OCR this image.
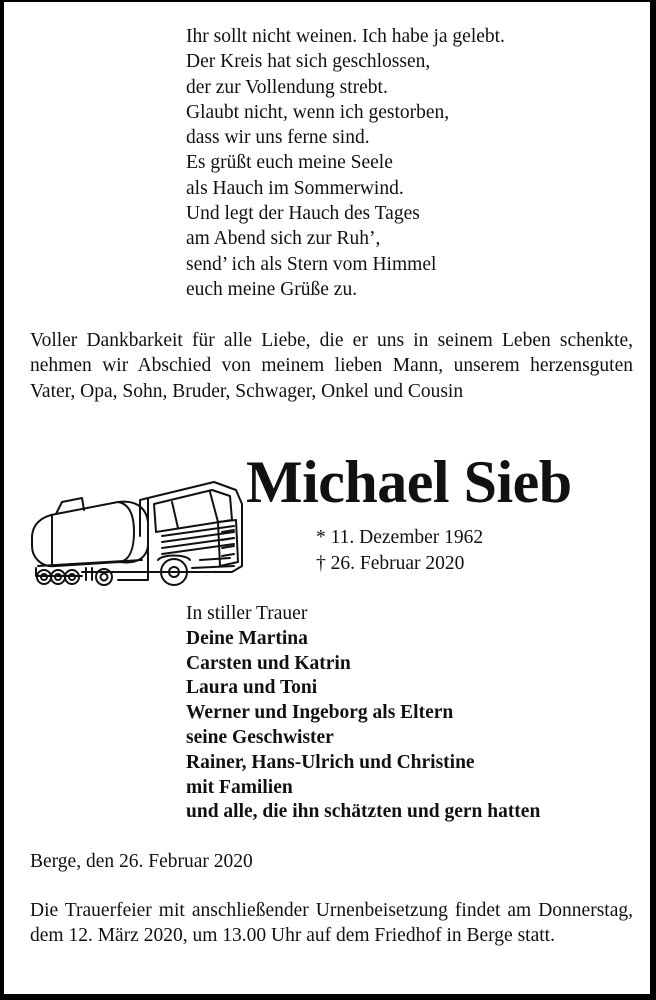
Ihr sollt nicht weinen. Ich habe ja gelebt.
Der Kreis hat sich geschlossen,
der zur Vollendung strebt.
Glaubt nicht, wenn ich gestorben,
dass wir uns ferne sind.
Es grüßt euch meine Seele
als Hauch im Sommerwind.
Und legt der Hauch des Tages
am Abend sich zur Ruh’,
send’ ich als Stern vom Himmel
euch meine Grüße zu.
Voller Dankbarkeit für alle Liebe, die er uns in seinem Leben schenkte, nehmen wir Abschied von meinem lieben Mann, unserem herzensguten Vater, Opa, Sohn, Bruder, Schwager, Onkel und Cousin
Michael Sieb
* 11. Dezember 1962
† 26. Februar 2020
In stiller Trauer
Deine Martina
Carsten und Katrin
Laura und Toni
Werner und Ingeborg als Eltern
seine Geschwister
Rainer, Hans-Ulrich und Christine
mit Familien
und alle, die ihn schätzten und gern hatten
Berge, den 26. Februar 2020
Die Trauerfeier mit anschließender Urnenbeisetzung findet am Donnerstag, dem 12. März 2020, um 13.00 Uhr auf dem Friedhof in Berge statt.
